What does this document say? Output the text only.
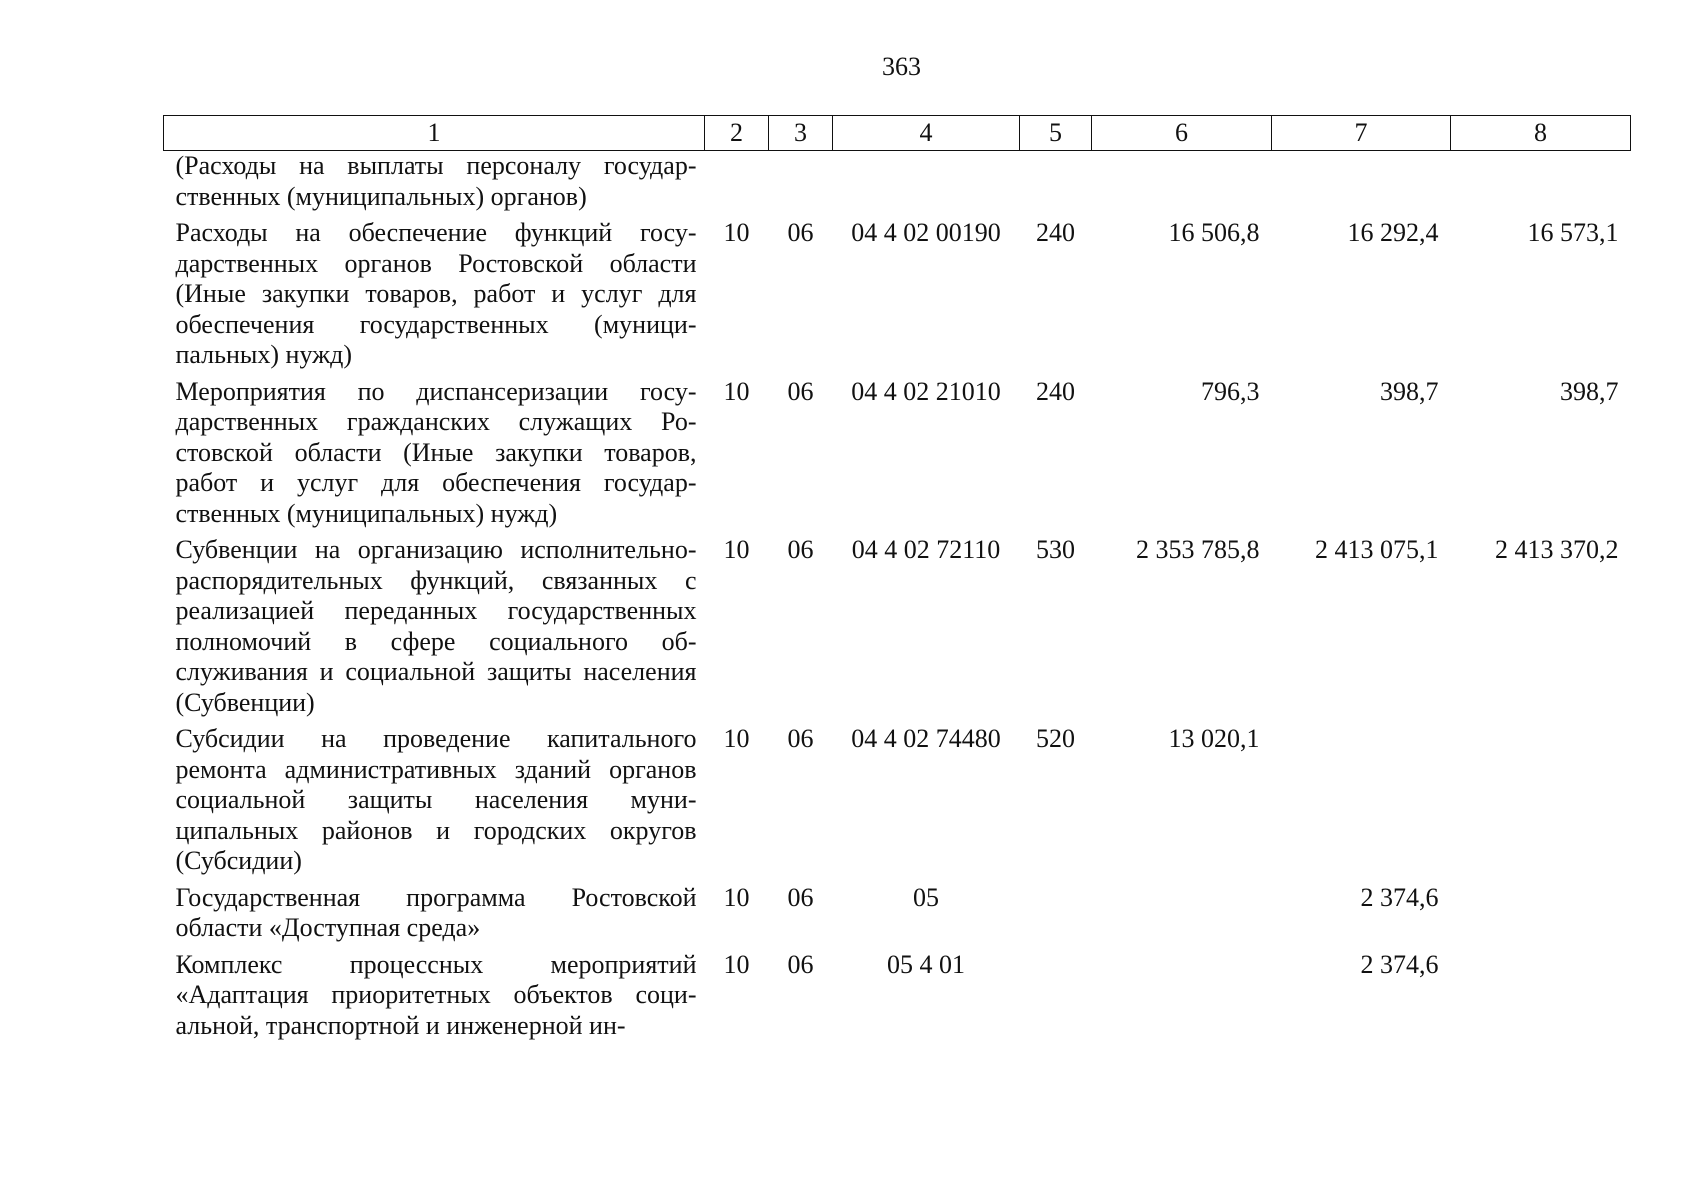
363
1	2	3	4	5	6	7	8
(Расходы на выплаты персоналу государственных (муниципальных) органов)							
Расходы на обеспечение функций государственных органов Ростовской области (Иные закупки товаров, работ и услуг для обеспечения государственных (муниципальных) нужд)	10	06	04 4 02 00190	240	16 506,8	16 292,4	16 573,1
Мероприятия по диспансеризации государственных гражданских служащих Ростовской области (Иные закупки товаров, работ и услуг для обеспечения государственных (муниципальных) нужд)	10	06	04 4 02 21010	240	796,3	398,7	398,7
Субвенции на организацию исполнительно-распорядительных функций, связанных с реализацией переданных государственных полномочий в сфере социального обслуживания и социальной защиты населения (Субвенции)	10	06	04 4 02 72110	530	2 353 785,8	2 413 075,1	2 413 370,2
Субсидии на проведение капитального ремонта административных зданий органов социальной защиты населения муниципальных районов и городских округов (Субсидии)	10	06	04 4 02 74480	520	13 020,1		
Государственная программа Ростовской области «Доступная среда»	10	06	05			2 374,6	
Комплекс процессных мероприятий «Адаптация приоритетных объектов социальной, транспортной и инженерной ин-	10	06	05 4 01			2 374,6	
